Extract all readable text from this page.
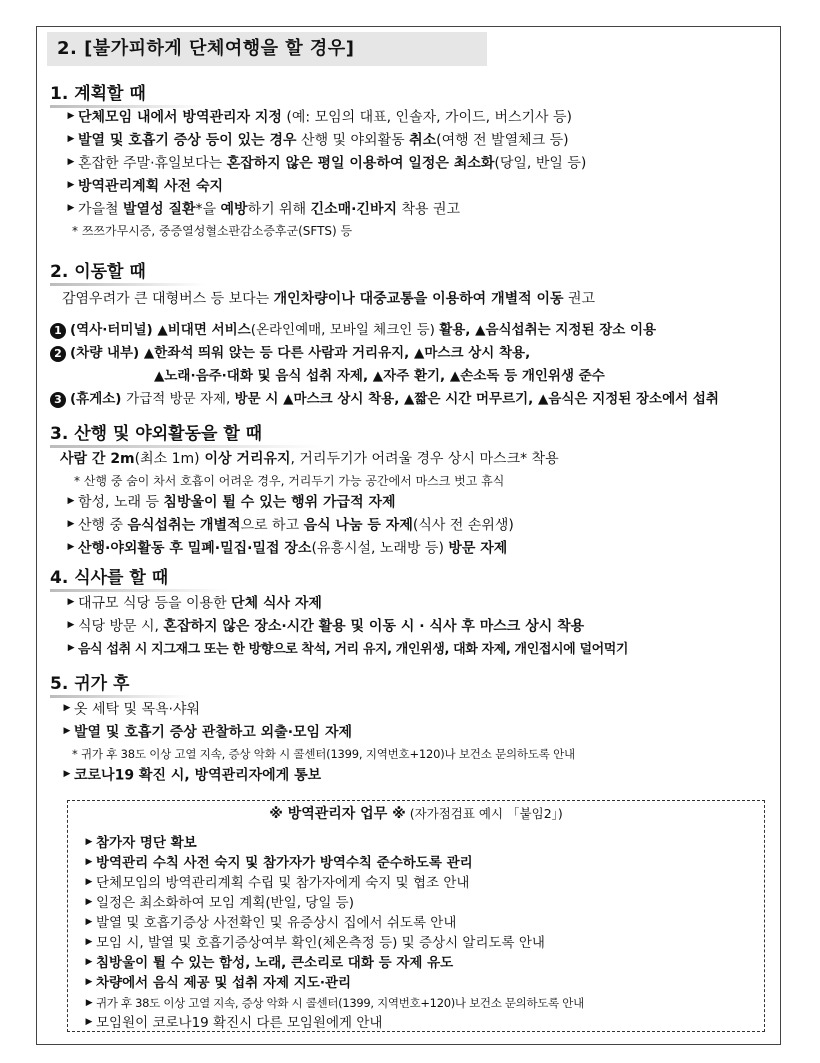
2. [불가피하게 단체여행을 할 경우]
1. 계획할 때
▶ 단체모임 내에서 방역관리자 지정 (예: 모임의 대표, 인솔자, 가이드, 버스기사 등)
▶ 발열 및 호흡기 증상 등이 있는 경우 산행 및 야외활동 취소(여행 전 발열체크 등)
▶ 혼잡한 주말·휴일보다는 혼잡하지 않은 평일 이용하여 일정은 최소화(당일, 반일 등)
▶ 방역관리계획 사전 숙지
▶ 가을철 발열성 질환*을 예방하기 위해 긴소매·긴바지 착용 권고
* 쯔쯔가무시증, 중증열성혈소판감소증후군(SFTS) 등
2. 이동할 때
감염우려가 큰 대형버스 등 보다는 개인차량이나 대중교통을 이용하여 개별적 이동 권고
1 (역사·터미널) ▲비대면 서비스(온라인예매, 모바일 체크인 등) 활용, ▲음식섭취는 지정된 장소 이용
2 (차량 내부) ▲한좌석 띄워 앉는 등 다른 사람과 거리유지, ▲마스크 상시 착용,
▲노래·음주·대화 및 음식 섭취 자제, ▲자주 환기, ▲손소독 등 개인위생 준수
3 (휴게소) 가급적 방문 자제, 방문 시 ▲마스크 상시 착용, ▲짧은 시간 머무르기, ▲음식은 지정된 장소에서 섭취
3. 산행 및 야외활동을 할 때
사람 간 2m(최소 1m) 이상 거리유지, 거리두기가 어려울 경우 상시 마스크* 착용
* 산행 중 숨이 차서 호흡이 어려운 경우, 거리두기 가능 공간에서 마스크 벗고 휴식
▶ 함성, 노래 등 침방울이 튈 수 있는 행위 가급적 자제
▶ 산행 중 음식섭취는 개별적으로 하고 음식 나눔 등 자제(식사 전 손위생)
▶ 산행·야외활동 후 밀폐·밀집·밀접 장소(유흥시설, 노래방 등) 방문 자제
4. 식사를 할 때
▶ 대규모 식당 등을 이용한 단체 식사 자제
▶ 식당 방문 시, 혼잡하지 않은 장소·시간 활용 및 이동 시 · 식사 후 마스크 상시 착용
▶ 음식 섭취 시 지그재그 또는 한 방향으로 착석, 거리 유지, 개인위생, 대화 자제, 개인접시에 덜어먹기
5. 귀가 후
▶ 옷 세탁 및 목욕·샤워
▶ 발열 및 호흡기 증상 관찰하고 외출·모임 자제
* 귀가 후 38도 이상 고열 지속, 증상 악화 시 콜센터(1399, 지역번호+120)나 보건소 문의하도록 안내
▶ 코로나19 확진 시, 방역관리자에게 통보
※ 방역관리자 업무 ※ (자가점검표 예시 「붙임2」)
▶ 참가자 명단 확보
▶ 방역관리 수칙 사전 숙지 및 참가자가 방역수칙 준수하도록 관리
▶ 단체모임의 방역관리계획 수립 및 참가자에게 숙지 및 협조 안내
▶ 일정은 최소화하여 모임 계획(반일, 당일 등)
▶ 발열 및 호흡기증상 사전확인 및 유증상시 집에서 쉬도록 안내
▶ 모임 시, 발열 및 호흡기증상여부 확인(체온측정 등) 및 증상시 알리도록 안내
▶ 침방울이 튈 수 있는 함성, 노래, 큰소리로 대화 등 자제 유도
▶ 차량에서 음식 제공 및 섭취 자제 지도·관리
▶ 귀가 후 38도 이상 고열 지속, 증상 악화 시 콜센터(1399, 지역번호+120)나 보건소 문의하도록 안내
▶ 모임원이 코로나19 확진시 다른 모임원에게 안내
